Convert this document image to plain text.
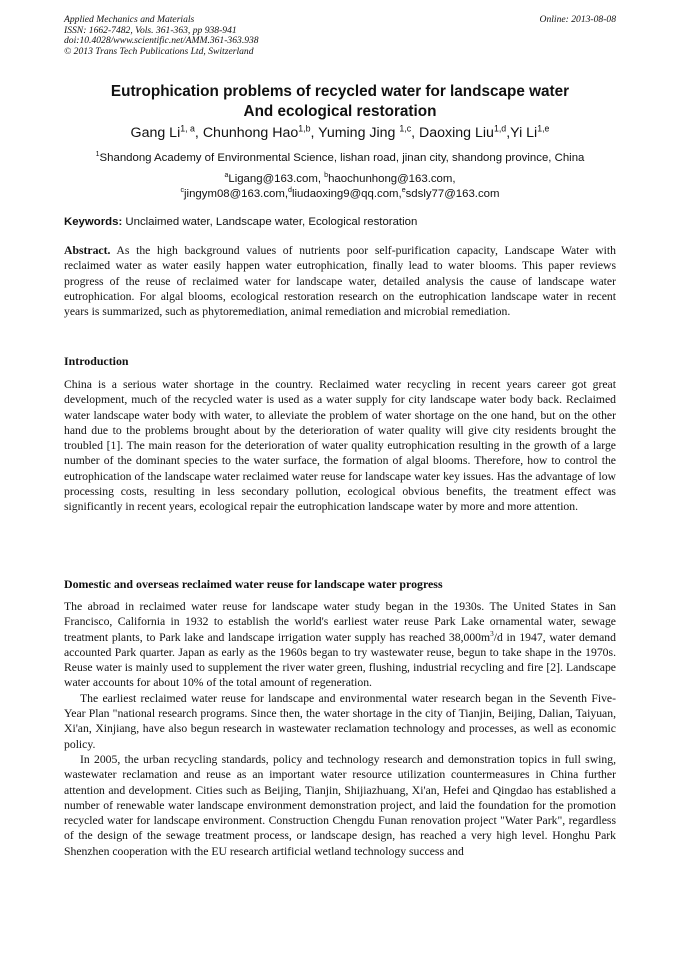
Applied Mechanics and Materials
ISSN: 1662-7482, Vols. 361-363, pp 938-941
doi:10.4028/www.scientific.net/AMM.361-363.938
© 2013 Trans Tech Publications Ltd, Switzerland
Online: 2013-08-08
Eutrophication problems of recycled water for landscape water
And ecological restoration
Gang Li$^{1, a}$, Chunhong Hao$^{1,b}$, Yuming Jing $^{1,c}$, Daoxing Liu$^{1,d}$,Yi Li$^{1,e}$
$^1$Shandong Academy of Environmental Science, lishan road, jinan city, shandong province, China
$^a$Ligang@163.com, $^b$haochunhong@163.com,
$^c$jingym08@163.com,$^d$liudaoxing9@qq.com,$^e$sdsly77@163.com
Keywords: Unclaimed water, Landscape water, Ecological restoration

Abstract. As the high background values of nutrients poor self-purification capacity, Landscape Water with reclaimed water as water easily happen water eutrophication, finally lead to water blooms. This paper reviews progress of the reuse of reclaimed water for landscape water, detailed analysis the cause of landscape water eutrophication. For algal blooms, ecological restoration research on the eutrophication landscape water in recent years is summarized, such as phytoremediation, animal remediation and microbial remediation.

Introduction

China is a serious water shortage in the country. Reclaimed water recycling in recent years career got great development, much of the recycled water is used as a water supply for city landscape water body back. Reclaimed water landscape water body with water, to alleviate the problem of water shortage on the one hand, but on the other hand due to the problems brought about by the deterioration of water quality will give city residents brought the troubled [1]. The main reason for the deterioration of water quality eutrophication resulting in the growth of a large number of the dominant species to the water surface, the formation of algal blooms. Therefore, how to control the eutrophication of the landscape water reclaimed water reuse for landscape water key issues. Has the advantage of low processing costs, resulting in less secondary pollution, ecological obvious benefits, the treatment effect was significantly in recent years, ecological repair the eutrophication landscape water by more and more attention.

Domestic and overseas reclaimed water reuse for landscape water progress

The abroad in reclaimed water reuse for landscape water study began in the 1930s. The United States in San Francisco, California in 1932 to establish the world's earliest water reuse Park Lake ornamental water, sewage treatment plants, to Park lake and landscape irrigation water supply has reached $38,000m^3/d$ in 1947, water demand accounted Park quarter. Japan as early as the 1960s began to try wastewater reuse, begun to take shape in the 1970s. Reuse water is mainly used to supplement the river water green, flushing, industrial recycling and fire [2]. Landscape water accounts for about 10% of the total amount of regeneration.

The earliest reclaimed water reuse for landscape and environmental water research began in the Seventh Five-Year Plan "national research programs. Since then, the water shortage in the city of Tianjin, Beijing, Dalian, Taiyuan, Xi'an, Xinjiang, have also begun research in wastewater reclamation technology and processes, as well as economic policy.

In 2005, the urban recycling standards, policy and technology research and demonstration topics in full swing, wastewater reclamation and reuse as an important water resource utilization countermeasures in China further attention and development. Cities such as Beijing, Tianjin, Shijiazhuang, Xi'an, Hefei and Qingdao has established a number of renewable water landscape environment demonstration project, and laid the foundation for the promotion recycled water for landscape environment. Construction Chengdu Funan renovation project "Water Park", regardless of the design of the sewage treatment process, or landscape design, has reached a very high level. Honghu Park Shenzhen cooperation with the EU research artificial wetland technology success and
